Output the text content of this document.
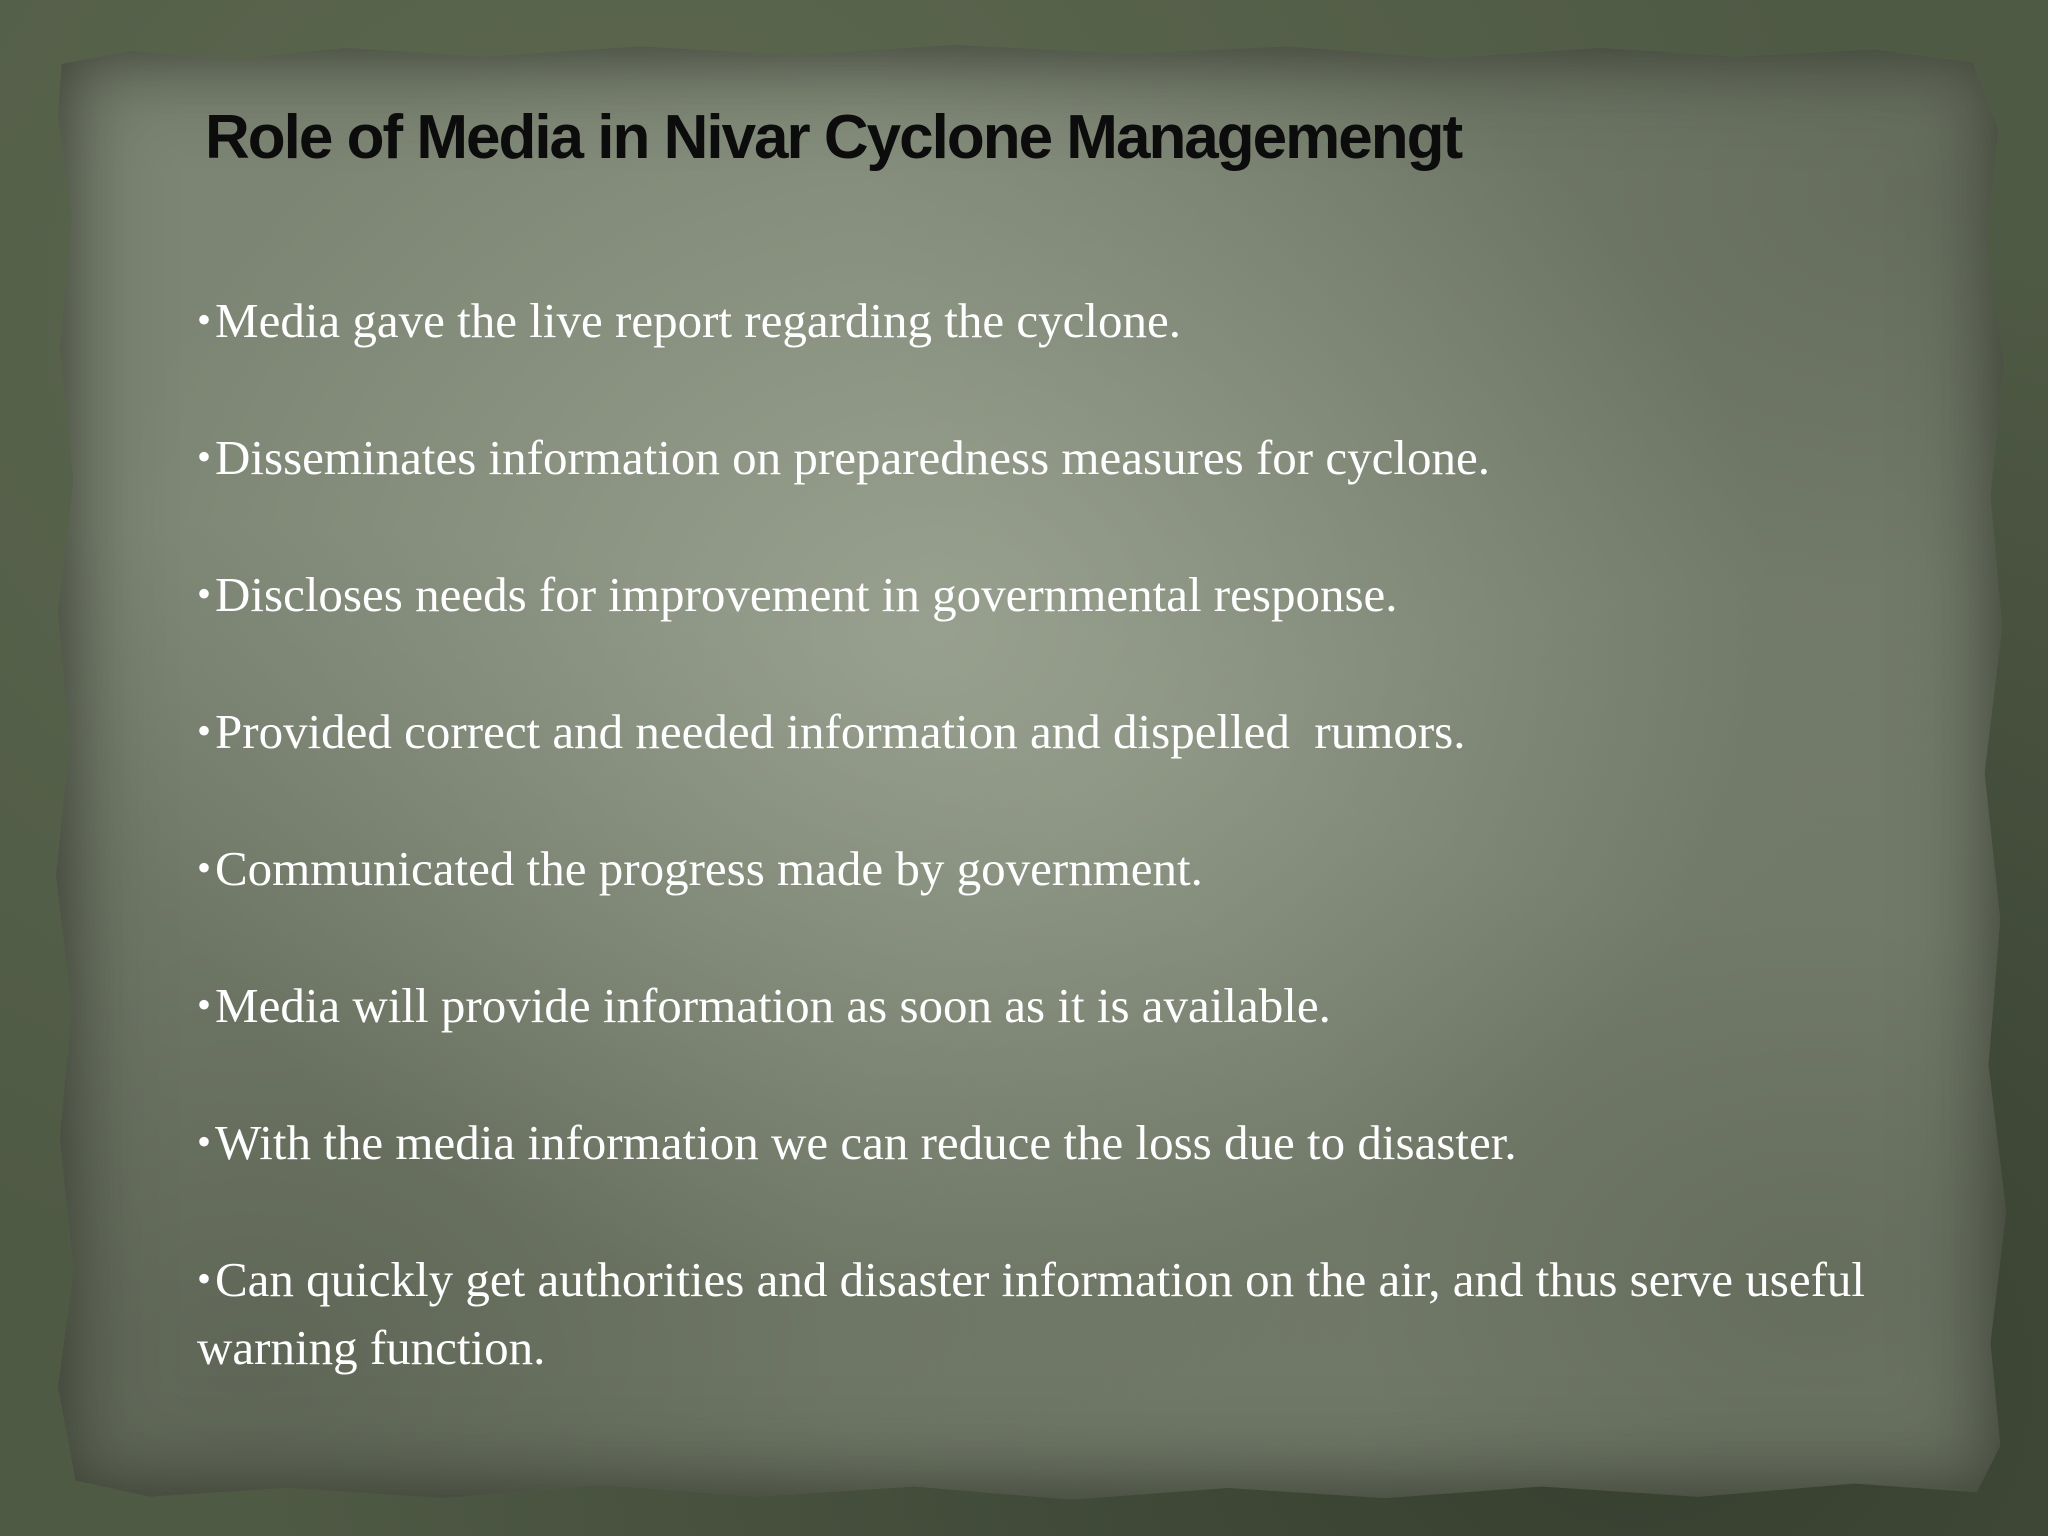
Role of Media in Nivar Cyclone Managemengt
•Media gave the live report regarding the cyclone.
•Disseminates information on preparedness measures for cyclone.
•Discloses needs for improvement in governmental response.
•Provided correct and needed information and dispelled  rumors.
•Communicated the progress made by government.
•Media will provide information as soon as it is available.
•With the media information we can reduce the loss due to disaster.
•Can quickly get authorities and disaster information on the air, and thus serve useful warning function.
